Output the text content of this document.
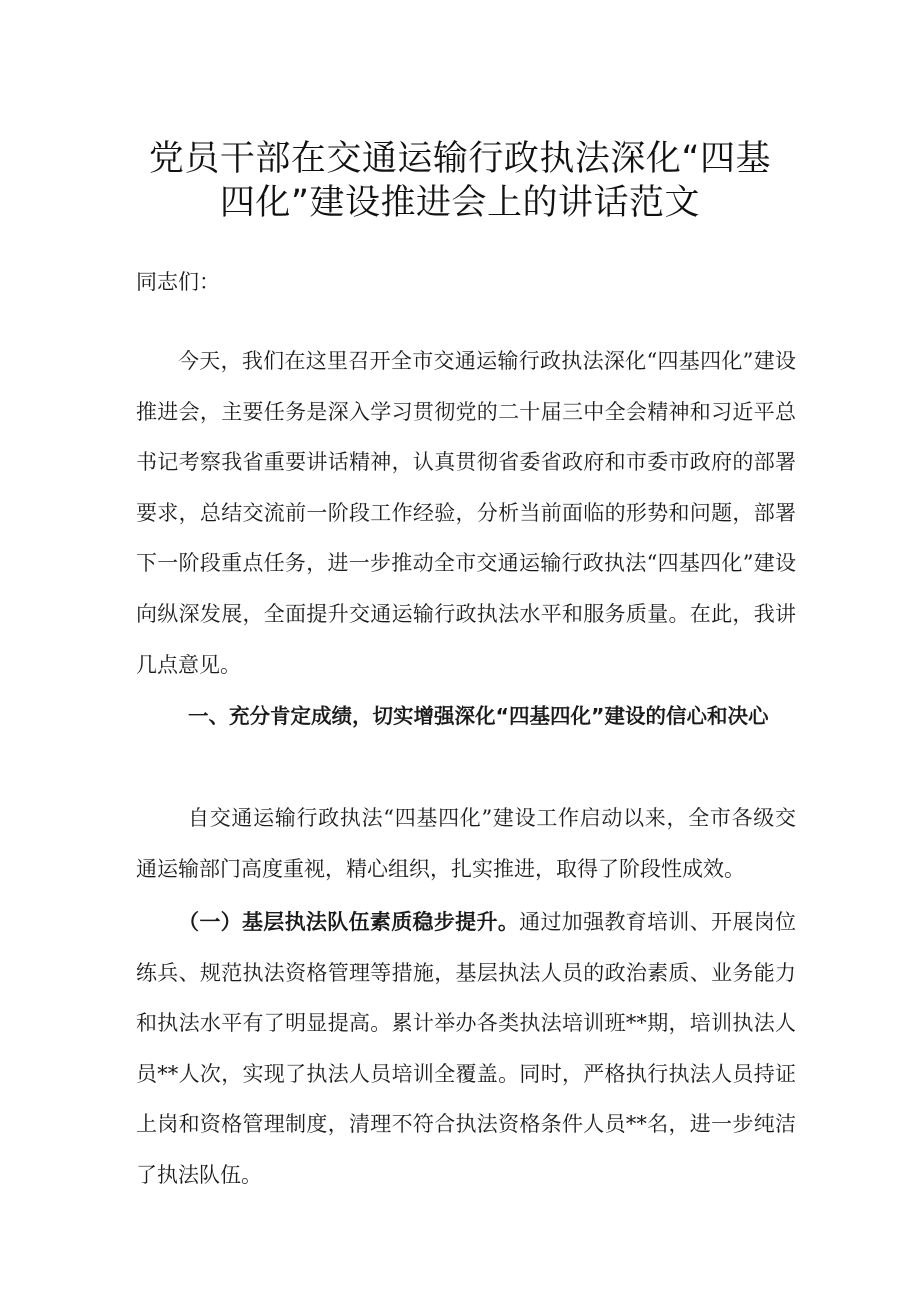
党员干部在交通运输行政执法深化“四基
四化”建设推进会上的讲话范文

同志们：

今天，我们在这里召开全市交通运输行政执法深化“四基四化”建设推进会，主要任务是深入学习贯彻党的二十届三中全会精神和习近平总书记考察我省重要讲话精神，认真贯彻省委省政府和市委市政府的部署要求，总结交流前一阶段工作经验，分析当前面临的形势和问题，部署下一阶段重点任务，进一步推动全市交通运输行政执法“四基四化”建设向纵深发展，全面提升交通运输行政执法水平和服务质量。在此，我讲几点意见。

一、充分肯定成绩，切实增强深化“四基四化”建设的信心和决心

自交通运输行政执法“四基四化”建设工作启动以来，全市各级交通运输部门高度重视，精心组织，扎实推进，取得了阶段性成效。

（一）基层执法队伍素质稳步提升。通过加强教育培训、开展岗位练兵、规范执法资格管理等措施，基层执法人员的政治素质、业务能力和执法水平有了明显提高。累计举办各类执法培训班**期，培训执法人员**人次，实现了执法人员培训全覆盖。同时，严格执行执法人员持证上岗和资格管理制度，清理不符合执法资格条件人员**名，进一步纯洁了执法队伍。
